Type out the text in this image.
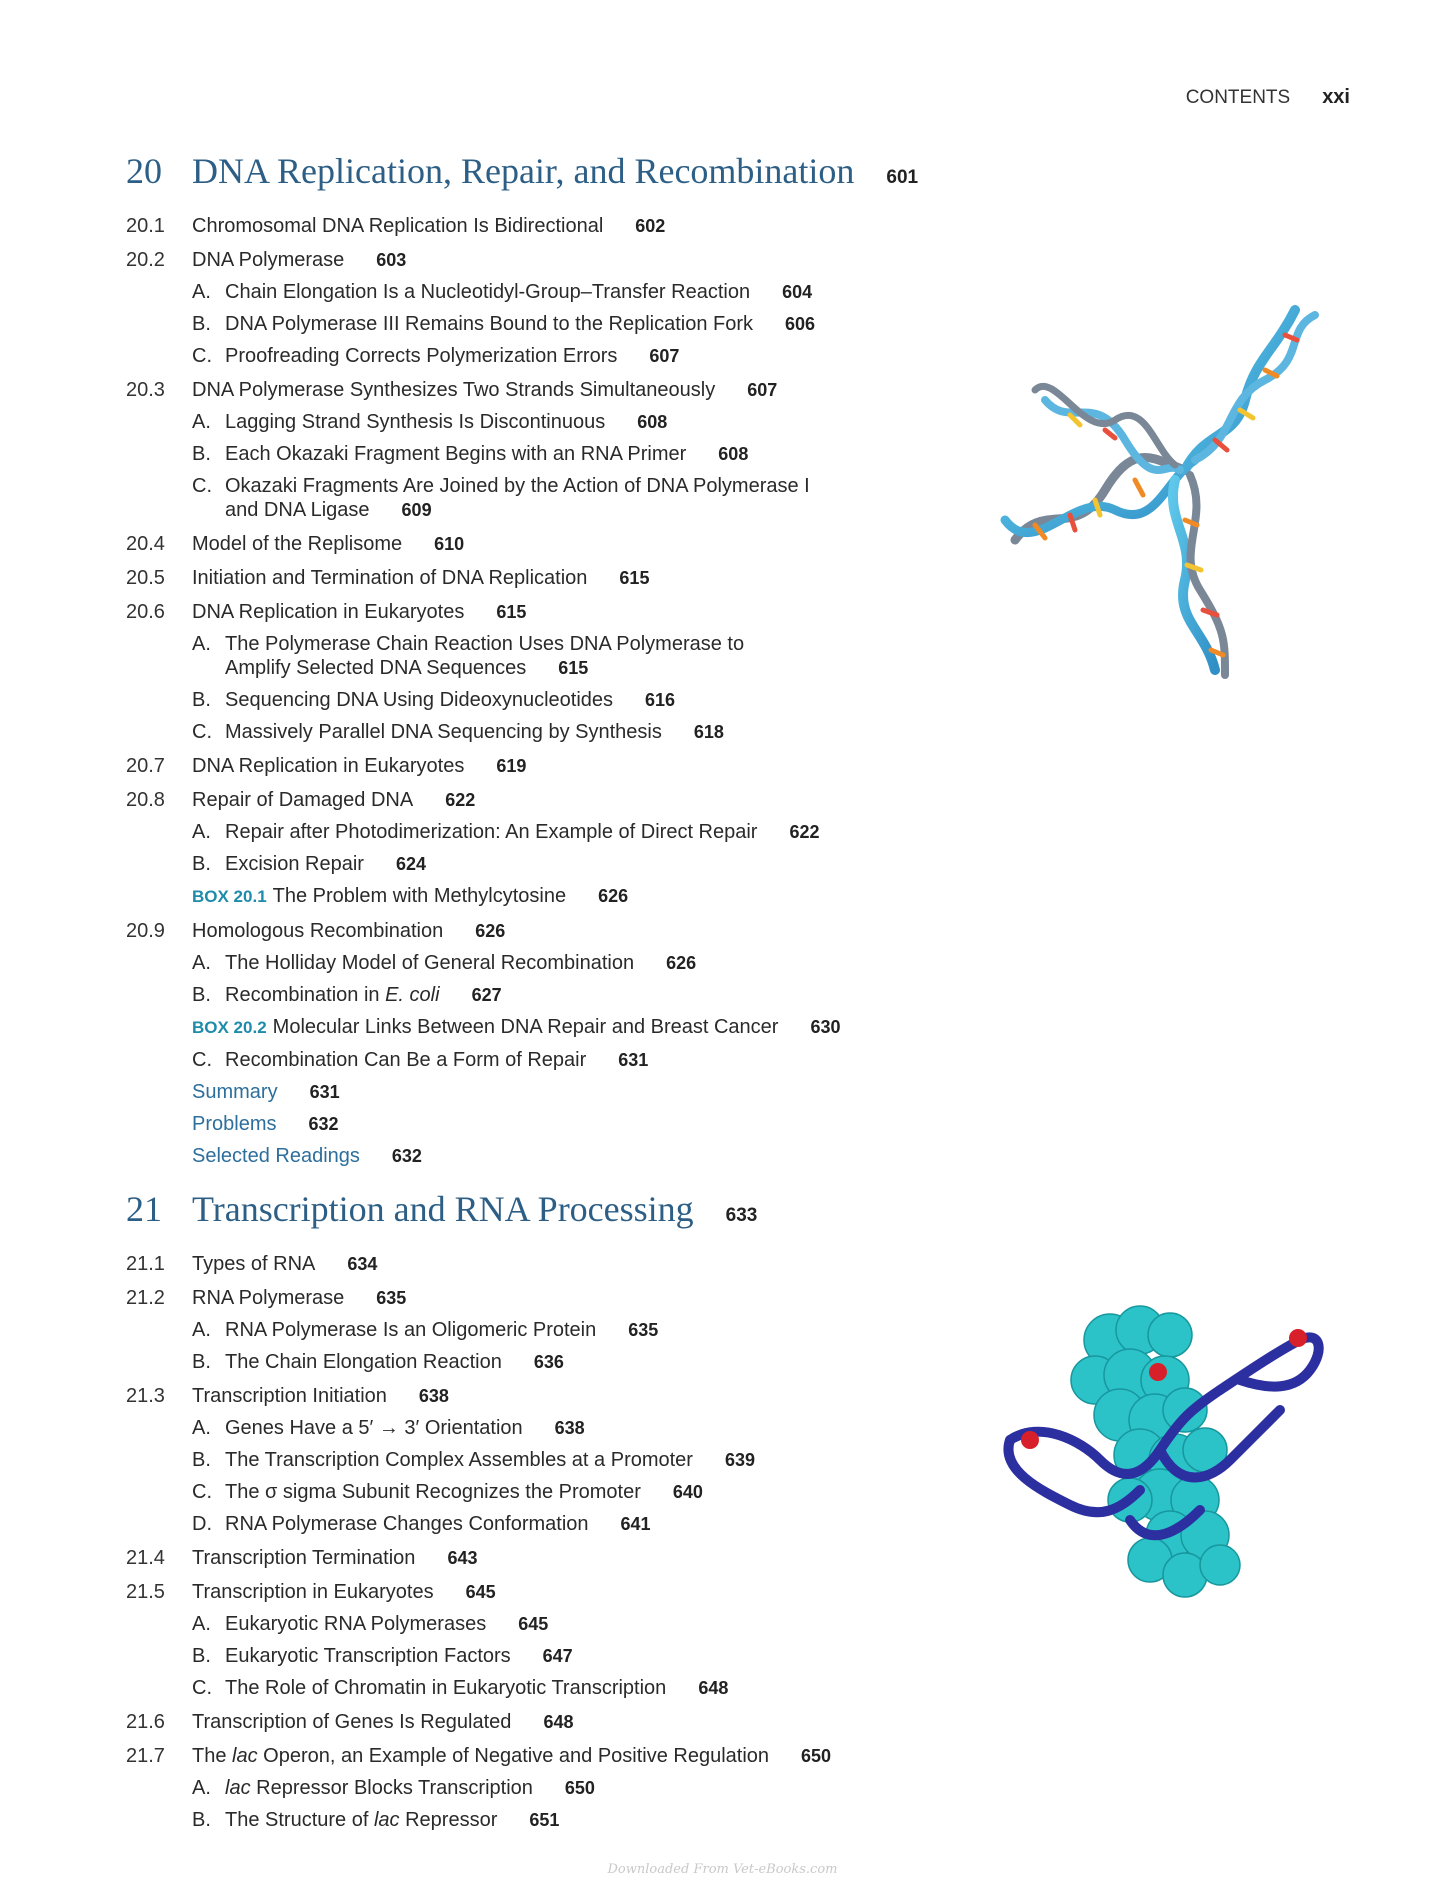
CONTENTS xxi
20 DNA Replication, Repair, and Recombination 601
20.1	Chromosomal DNA Replication Is Bidirectional 602
20.2	DNA Polymerase 603
A. Chain Elongation Is a Nucleotidyl-Group–Transfer Reaction 604
B. DNA Polymerase III Remains Bound to the Replication Fork 606
C. Proofreading Corrects Polymerization Errors 607
20.3	DNA Polymerase Synthesizes Two Strands Simultaneously 607
A. Lagging Strand Synthesis Is Discontinuous 608
B. Each Okazaki Fragment Begins with an RNA Primer 608
C. Okazaki Fragments Are Joined by the Action of DNA Polymerase I
and DNA Ligase 609
20.4	Model of the Replisome 610
20.5	Initiation and Termination of DNA Replication 615
20.6	DNA Replication in Eukaryotes 615
A. The Polymerase Chain Reaction Uses DNA Polymerase to
Amplify Selected DNA Sequences 615
B. Sequencing DNA Using Dideoxynucleotides 616
C. Massively Parallel DNA Sequencing by Synthesis 618
20.7	DNA Replication in Eukaryotes 619
20.8	Repair of Damaged DNA 622
A. Repair after Photodimerization: An Example of Direct Repair 622
B. Excision Repair 624
BOX 20.1 The Problem with Methylcytosine 626
20.9	Homologous Recombination 626
A. The Holliday Model of General Recombination 626
B. Recombination in E. coli 627
BOX 20.2 Molecular Links Between DNA Repair and Breast Cancer 630
C. Recombination Can Be a Form of Repair 631
Summary 631
Problems 632
Selected Readings 632
21 Transcription and RNA Processing 633
21.1	Types of RNA 634
21.2	RNA Polymerase 635
A. RNA Polymerase Is an Oligomeric Protein 635
B. The Chain Elongation Reaction 636
21.3	Transcription Initiation 638
A. Genes Have a 5′ → 3′ Orientation 638
B. The Transcription Complex Assembles at a Promoter 639
C. The σ sigma Subunit Recognizes the Promoter 640
D. RNA Polymerase Changes Conformation 641
21.4	Transcription Termination 643
21.5	Transcription in Eukaryotes 645
A. Eukaryotic RNA Polymerases 645
B. Eukaryotic Transcription Factors 647
C. The Role of Chromatin in Eukaryotic Transcription 648
21.6	Transcription of Genes Is Regulated 648
21.7	The lac Operon, an Example of Negative and Positive Regulation 650
A. lac Repressor Blocks Transcription 650
B. The Structure of lac Repressor 651
Downloaded From Vet-eBooks.com
